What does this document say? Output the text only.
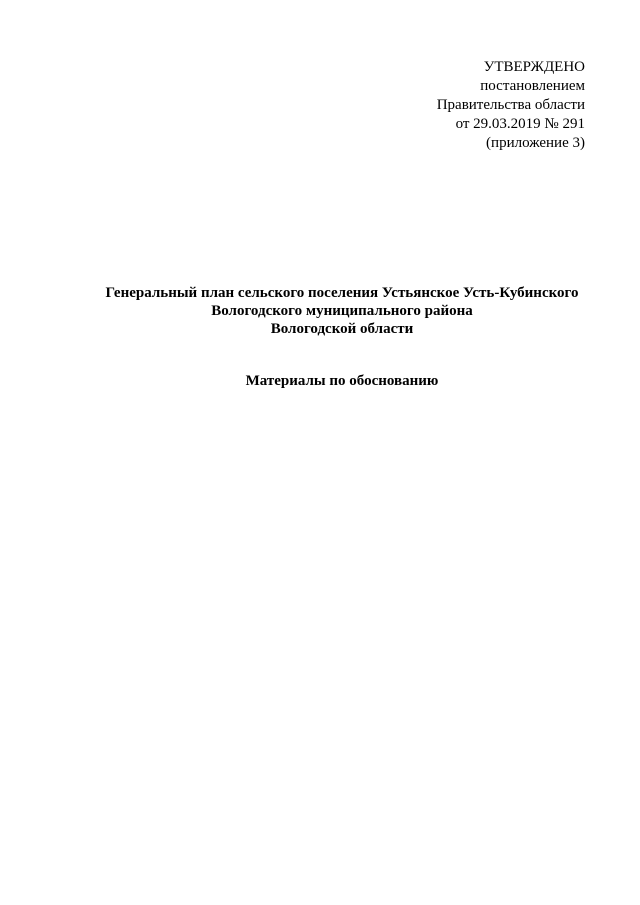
УТВЕРЖДЕНО
постановлением
Правительства области
от 29.03.2019 № 291
(приложение 3)
Генеральный план сельского поселения Устьянское Усть-Кубинского
Вологодского муниципального района
Вологодской области
Материалы по обоснованию
